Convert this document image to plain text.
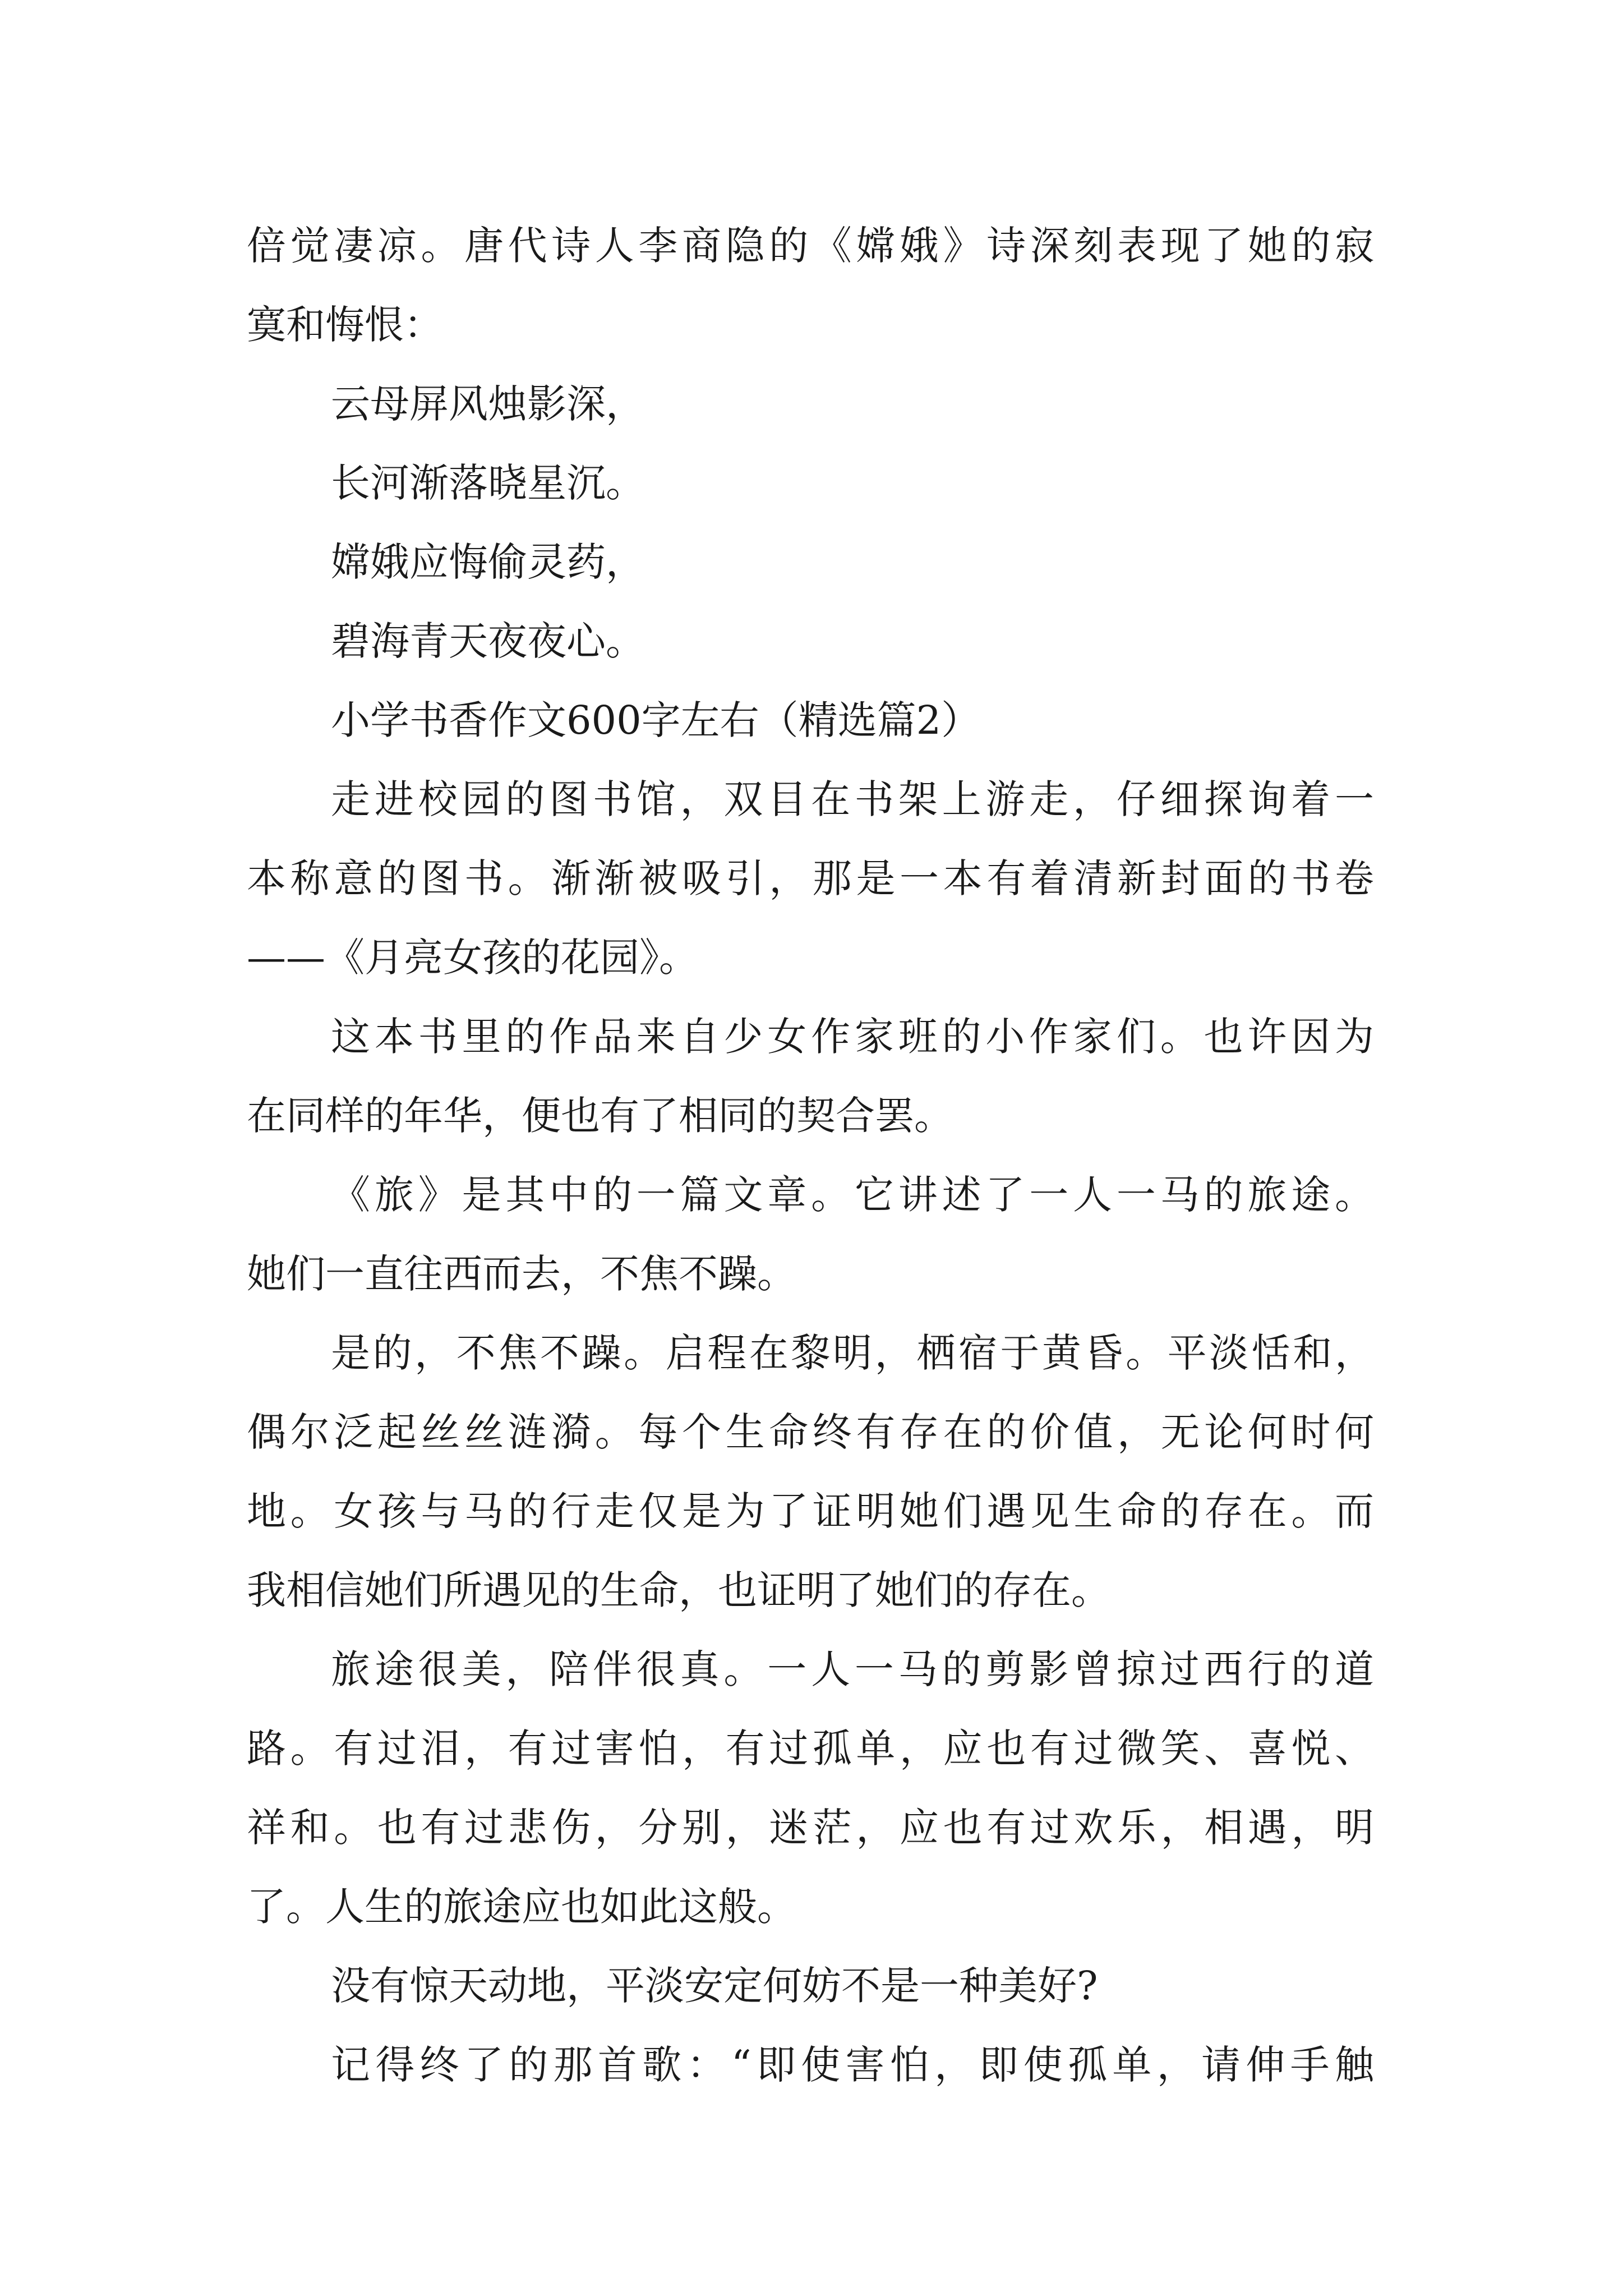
倍觉凄凉。唐代诗人李商隐的《嫦娥》诗深刻表现了她的寂
寞和悔恨：
云母屏风烛影深，
长河渐落晓星沉。
嫦娥应悔偷灵药，
碧海青天夜夜心。
小学书香作文600字左右（精选篇2）
走进校园的图书馆，双目在书架上游走，仔细探询着一
本称意的图书。渐渐被吸引，那是一本有着清新封面的书卷
——《月亮女孩的花园》。
这本书里的作品来自少女作家班的小作家们。也许因为
在同样的年华，便也有了相同的契合罢。
《旅》是其中的一篇文章。它讲述了一人一马的旅途。
她们一直往西而去，不焦不躁。
是的，不焦不躁。启程在黎明，栖宿于黄昏。平淡恬和，
偶尔泛起丝丝涟漪。每个生命终有存在的价值，无论何时何
地。女孩与马的行走仅是为了证明她们遇见生命的存在。而
我相信她们所遇见的生命，也证明了她们的存在。
旅途很美，陪伴很真。一人一马的剪影曾掠过西行的道
路。有过泪，有过害怕，有过孤单，应也有过微笑、喜悦、
祥和。也有过悲伤，分别，迷茫，应也有过欢乐，相遇，明
了。人生的旅途应也如此这般。
没有惊天动地，平淡安定何妨不是一种美好?
记得终了的那首歌：“即使害怕，即使孤单，请伸手触
